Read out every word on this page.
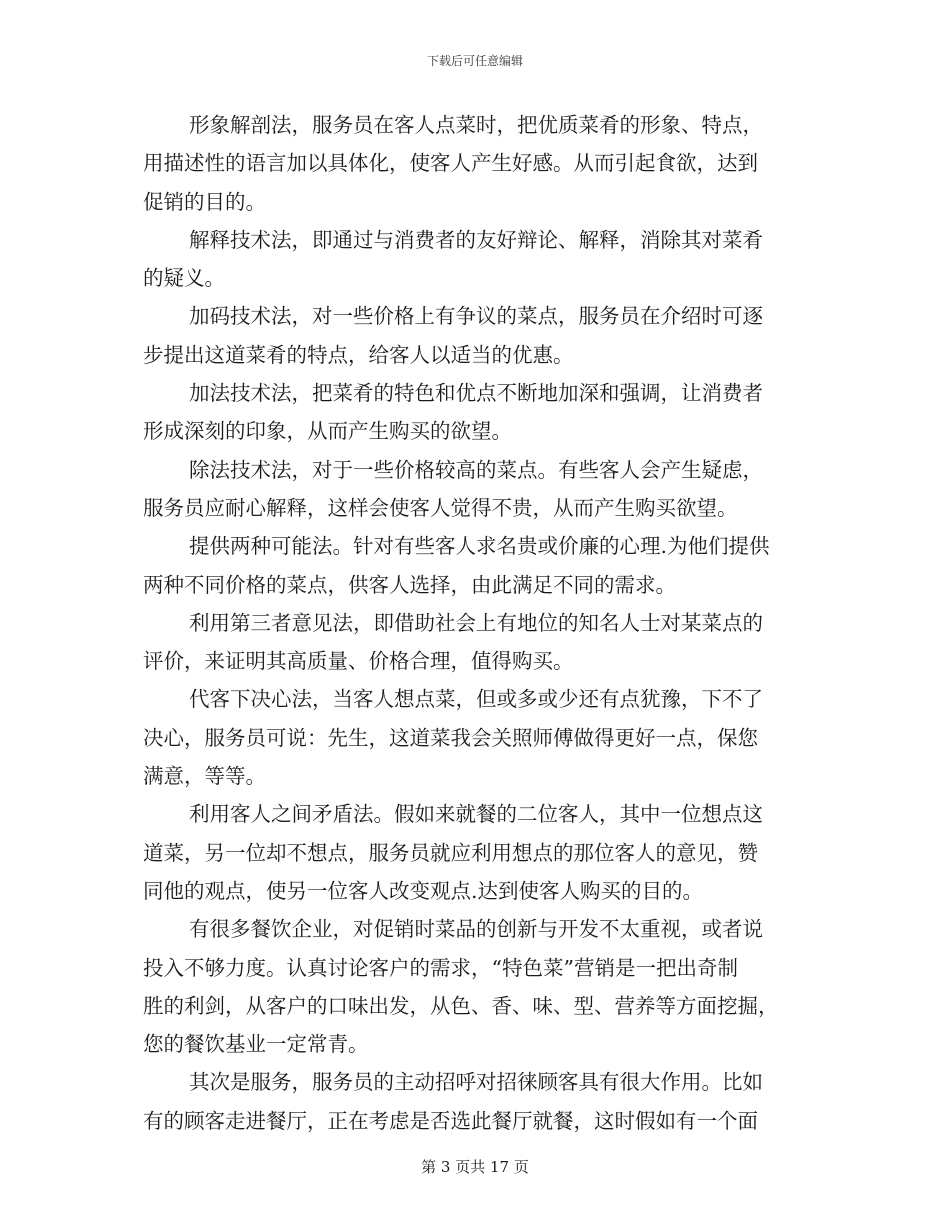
下载后可任意编辑
形象解剖法，服务员在客人点菜时，把优质菜肴的形象、特点，
用描述性的语言加以具体化，使客人产生好感。从而引起食欲，达到
促销的目的。
解释技术法，即通过与消费者的友好辩论、解释，消除其对菜肴
的疑义。
加码技术法，对一些价格上有争议的菜点，服务员在介绍时可逐
步提出这道菜肴的特点，给客人以适当的优惠。
加法技术法，把菜肴的特色和优点不断地加深和强调，让消费者
形成深刻的印象，从而产生购买的欲望。
除法技术法，对于一些价格较高的菜点。有些客人会产生疑虑，
服务员应耐心解释，这样会使客人觉得不贵，从而产生购买欲望。
提供两种可能法。针对有些客人求名贵或价廉的心理.为他们提供
两种不同价格的菜点，供客人选择，由此满足不同的需求。
利用第三者意见法，即借助社会上有地位的知名人士对某菜点的
评价，来证明其高质量、价格合理，值得购买。
代客下决心法，当客人想点菜，但或多或少还有点犹豫，下不了
决心，服务员可说：先生，这道菜我会关照师傅做得更好一点，保您
满意，等等。
利用客人之间矛盾法。假如来就餐的二位客人，其中一位想点这
道菜，另一位却不想点，服务员就应利用想点的那位客人的意见，赞
同他的观点，使另一位客人改变观点.达到使客人购买的目的。
有很多餐饮企业，对促销时菜品的创新与开发不太重视，或者说
投入不够力度。认真讨论客户的需求，“特色菜”营销是一把出奇制
胜的利剑，从客户的口味出发，从色、香、味、型、营养等方面挖掘，
您的餐饮基业一定常青。
其次是服务，服务员的主动招呼对招徕顾客具有很大作用。比如
有的顾客走进餐厅，正在考虑是否选此餐厅就餐，这时假如有一个面
第 3 页共 17 页
